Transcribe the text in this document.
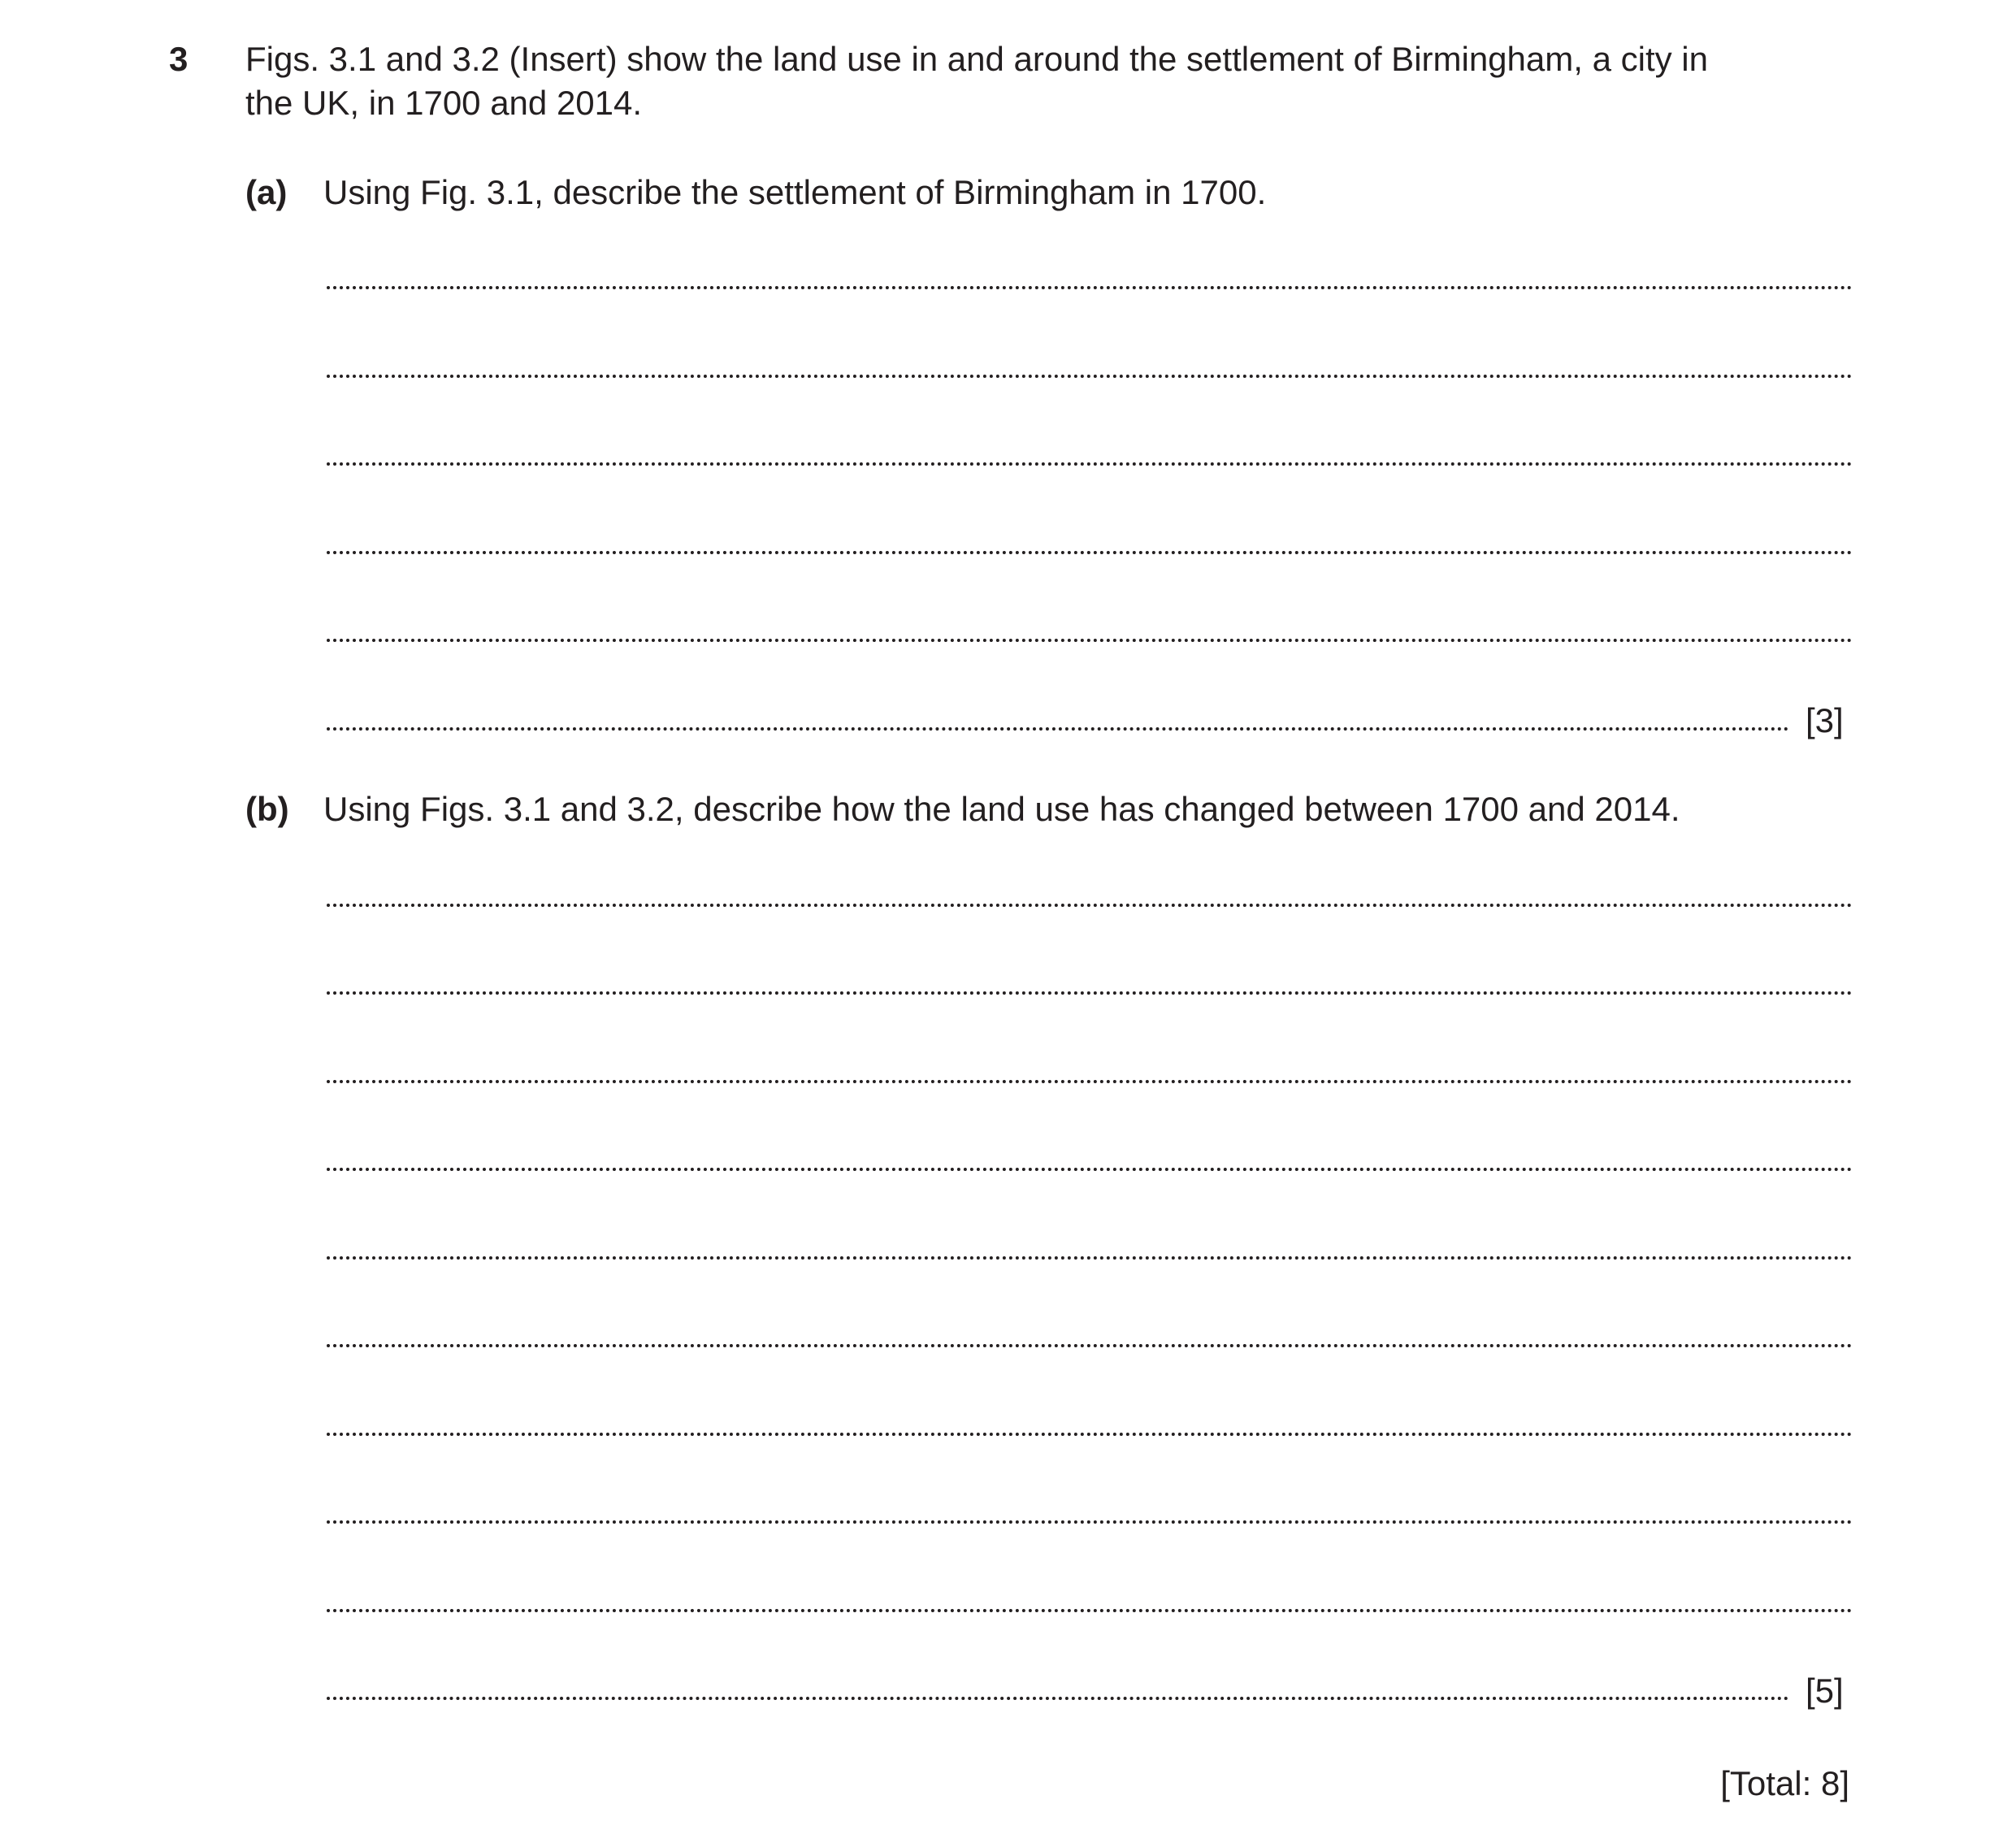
3 Figs. 3.1 and 3.2 (Insert) show the land use in and around the settlement of Birmingham, a city in
the UK, in 1700 and 2014.
(a) Using Fig. 3.1, describe the settlement of Birmingham in 1700.
[3]
(b) Using Figs. 3.1 and 3.2, describe how the land use has changed between 1700 and 2014.
[5]
[Total: 8]
